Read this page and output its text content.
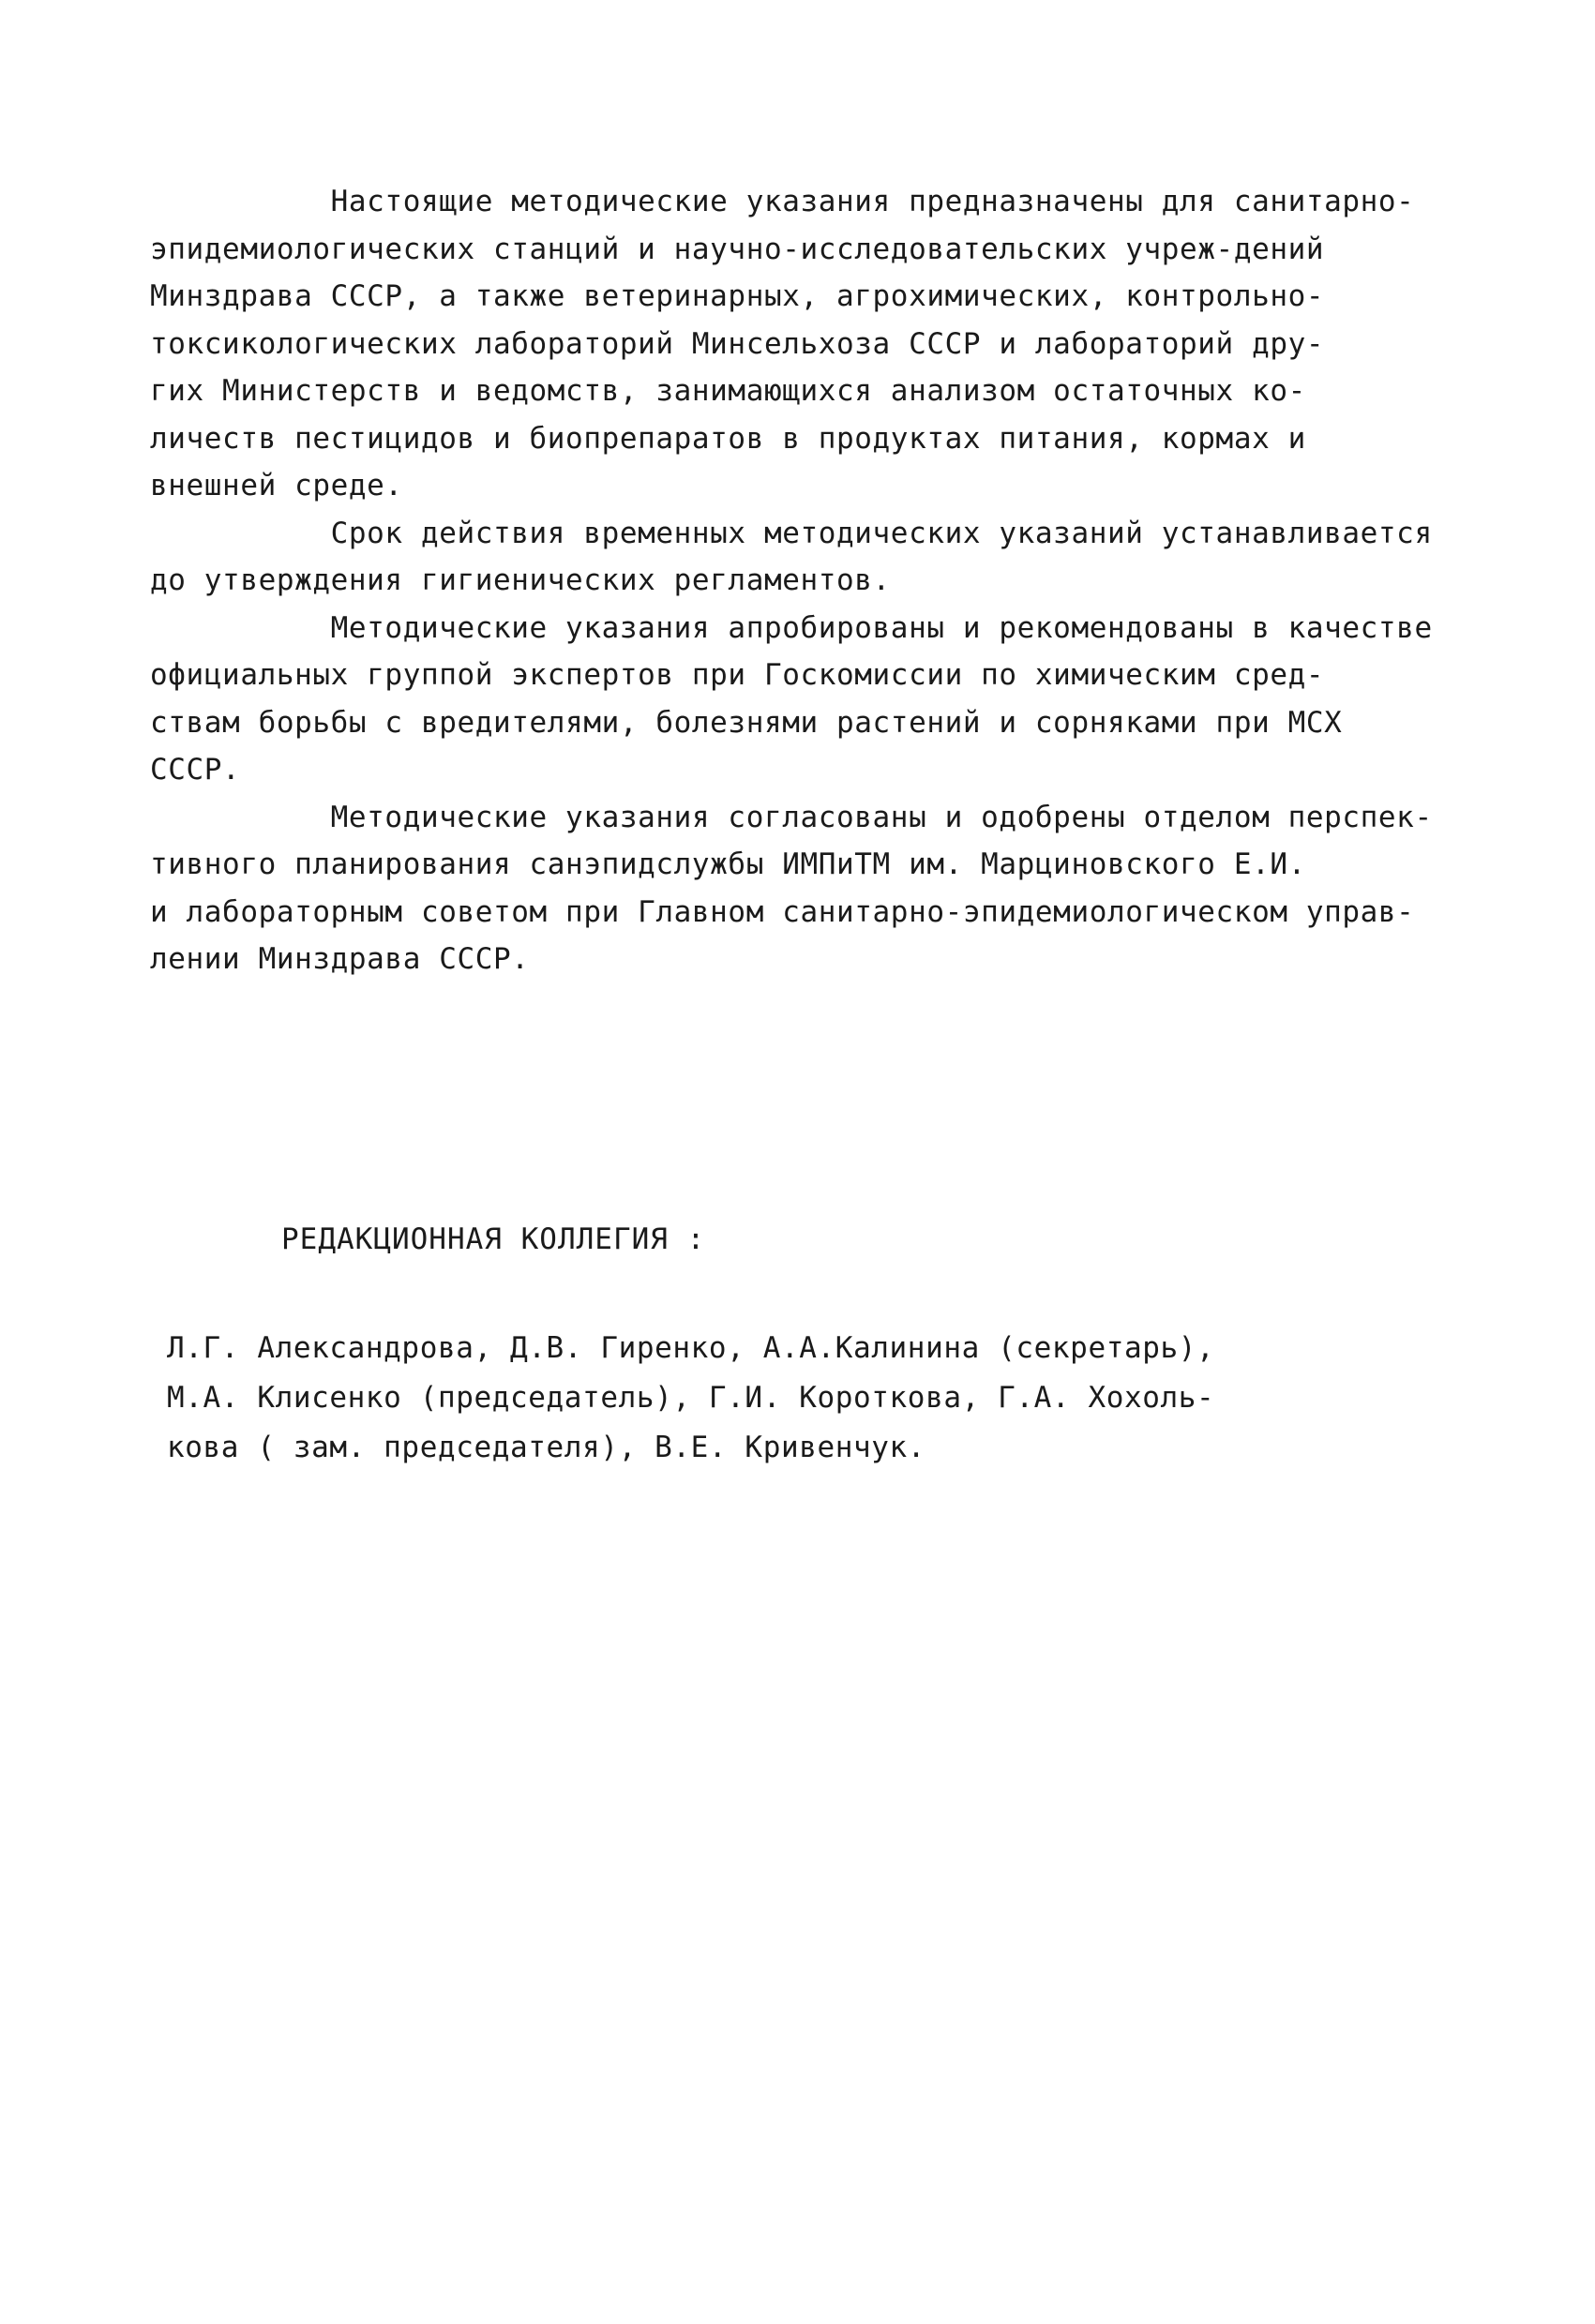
Настоящие методические указания предназначены для санитарно-
эпидемиологических станций и научно-исследовательских учреж-дений
Минздрава СССР, а также ветеринарных, агрохимических, контрольно-
токсикологических лабораторий Минсельхоза СССР и лабораторий дру-
гих Министерств и ведомств, занимающихся анализом остаточных ко-
личеств пестицидов и биопрепаратов в продуктах питания, кормах и
внешней среде.
Срок действия временных методических указаний устанавливается
до утверждения гигиенических регламентов.
Методические указания апробированы и рекомендованы в качестве
официальных группой экспертов при Госкомиссии по химическим сред-
ствам борьбы с вредителями, болезнями растений и сорняками при МСХ
СССР.
Методические указания согласованы и одобрены отделом перспек-
тивного планирования санэпидслужбы ИМПиТМ им. Марциновского Е.И.
и лабораторным советом при Главном санитарно-эпидемиологическом управ-
лении Минздрава СССР.
РЕДАКЦИОННАЯ КОЛЛЕГИЯ :
Л.Г. Александрова, Д.В. Гиренко, А.А.Калинина (секретарь),
М.А. Клисенко (председатель), Г.И. Короткова, Г.А. Хохоль-
кова ( зам. председателя), В.Е. Кривенчук.
